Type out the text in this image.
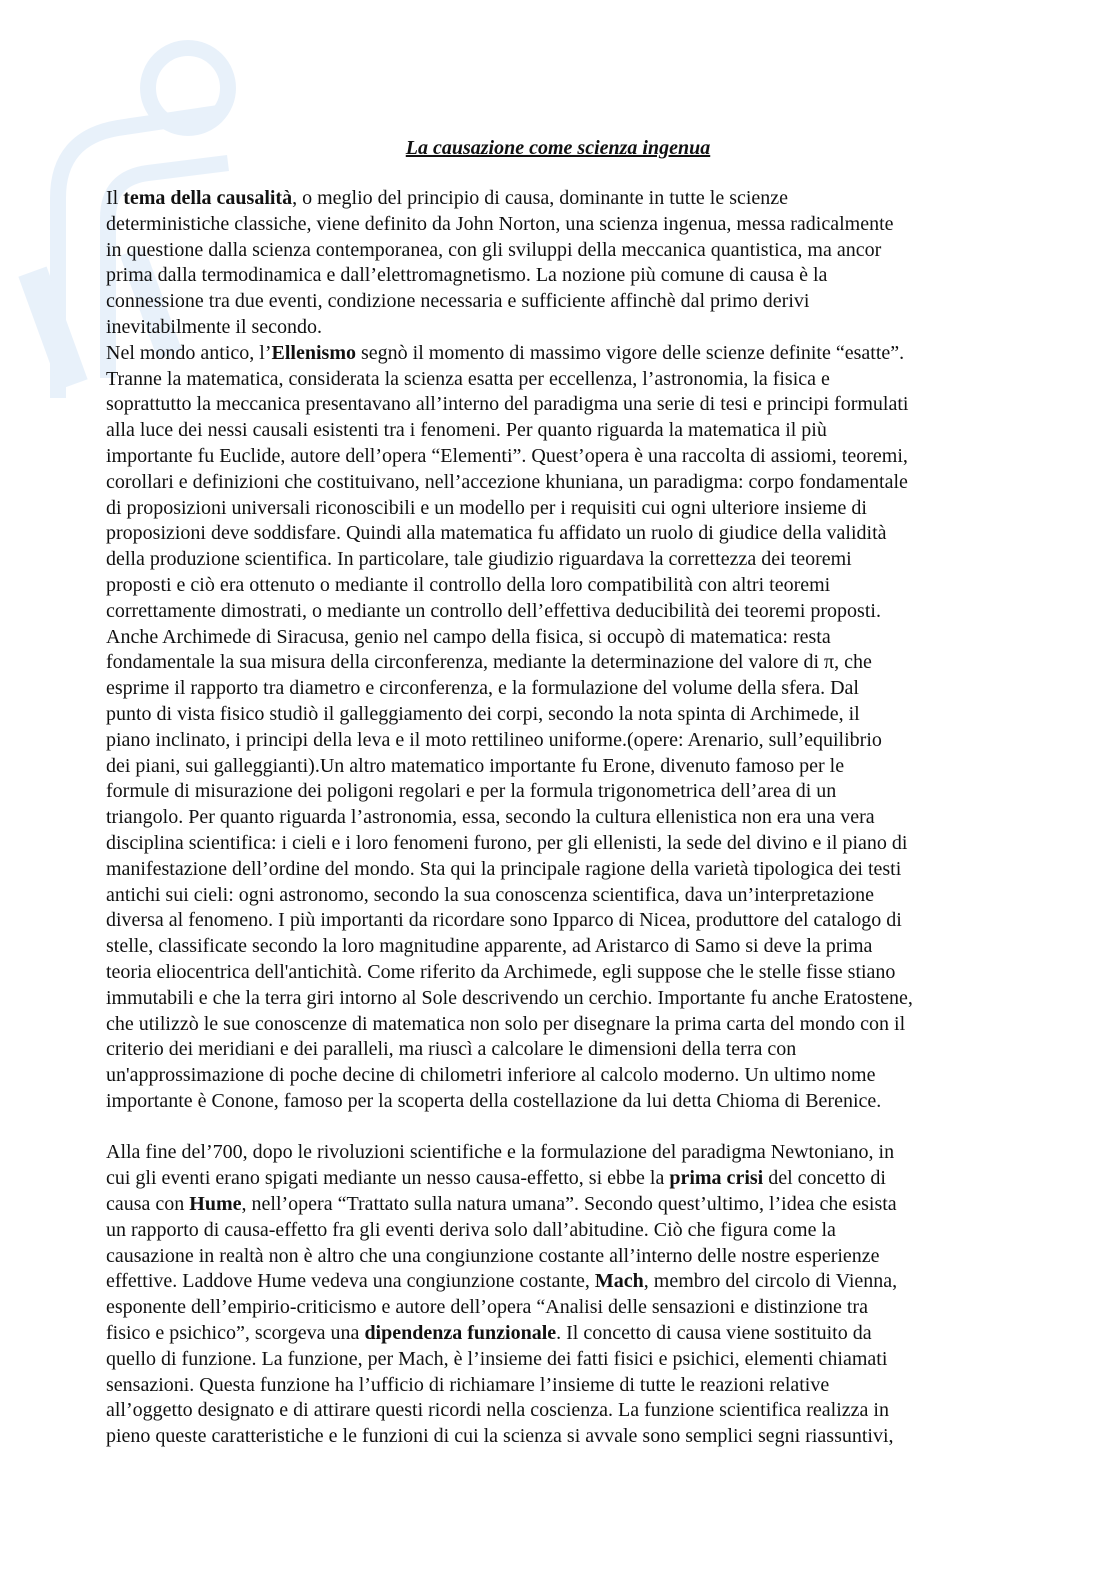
La causazione come scienza ingenua
Il tema della causalità, o meglio del principio di causa, dominante in tutte le scienze
deterministiche classiche, viene definito da John Norton, una scienza ingenua, messa radicalmente
in questione dalla scienza contemporanea, con gli sviluppi della meccanica quantistica, ma ancor
prima dalla termodinamica e dall’elettromagnetismo. La nozione più comune di causa è la
connessione tra due eventi, condizione necessaria e sufficiente affinchè dal primo derivi
inevitabilmente il secondo.
Nel mondo antico, l’Ellenismo segnò il momento di massimo vigore delle scienze definite “esatte”.
Tranne la matematica, considerata la scienza esatta per eccellenza, l’astronomia, la fisica e
soprattutto la meccanica presentavano all’interno del paradigma una serie di tesi e principi formulati
alla luce dei nessi causali esistenti tra i fenomeni. Per quanto riguarda la matematica il più
importante fu Euclide, autore dell’opera “Elementi”. Quest’opera è una raccolta di assiomi, teoremi,
corollari e definizioni che costituivano, nell’accezione khuniana, un paradigma: corpo fondamentale
di proposizioni universali riconoscibili e un modello per i requisiti cui ogni ulteriore insieme di
proposizioni deve soddisfare. Quindi alla matematica fu affidato un ruolo di giudice della validità
della produzione scientifica. In particolare, tale giudizio riguardava la correttezza dei teoremi
proposti e ciò era ottenuto o mediante il controllo della loro compatibilità con altri teoremi
correttamente dimostrati, o mediante un controllo dell’effettiva deducibilità dei teoremi proposti.
Anche Archimede di Siracusa, genio nel campo della fisica, si occupò di matematica: resta
fondamentale la sua misura della circonferenza, mediante la determinazione del valore di π, che
esprime il rapporto tra diametro e circonferenza, e la formulazione del volume della sfera. Dal
punto di vista fisico studiò il galleggiamento dei corpi, secondo la nota spinta di Archimede, il
piano inclinato, i principi della leva e il moto rettilineo uniforme.(opere: Arenario, sull’equilibrio
dei piani, sui galleggianti).Un altro matematico importante fu Erone, divenuto famoso per le
formule di misurazione dei poligoni regolari e per la formula trigonometrica dell’area di un
triangolo. Per quanto riguarda l’astronomia, essa, secondo la cultura ellenistica non era una vera
disciplina scientifica: i cieli e i loro fenomeni furono, per gli ellenisti, la sede del divino e il piano di
manifestazione dell’ordine del mondo. Sta qui la principale ragione della varietà tipologica dei testi
antichi sui cieli: ogni astronomo, secondo la sua conoscenza scientifica, dava un’interpretazione
diversa al fenomeno. I più importanti da ricordare sono Ipparco di Nicea, produttore del catalogo di
stelle, classificate secondo la loro magnitudine apparente, ad Aristarco di Samo si deve la prima
teoria eliocentrica dell'antichità. Come riferito da Archimede, egli suppose che le stelle fisse stiano
immutabili e che la terra giri intorno al Sole descrivendo un cerchio. Importante fu anche Eratostene,
che utilizzò le sue conoscenze di matematica non solo per disegnare la prima carta del mondo con il
criterio dei meridiani e dei paralleli, ma riuscì a calcolare le dimensioni della terra con
un'approssimazione di poche decine di chilometri inferiore al calcolo moderno. Un ultimo nome
importante è Conone, famoso per la scoperta della costellazione da lui detta Chioma di Berenice.
Alla fine del’700, dopo le rivoluzioni scientifiche e la formulazione del paradigma Newtoniano, in
cui gli eventi erano spigati mediante un nesso causa-effetto, si ebbe la prima crisi del concetto di
causa con Hume, nell’opera “Trattato sulla natura umana”. Secondo quest’ultimo, l’idea che esista
un rapporto di causa-effetto fra gli eventi deriva solo dall’abitudine. Ciò che figura come la
causazione in realtà non è altro che una congiunzione costante all’interno delle nostre esperienze
effettive. Laddove Hume vedeva una congiunzione costante, Mach, membro del circolo di Vienna,
esponente dell’empirio-criticismo e autore dell’opera “Analisi delle sensazioni e distinzione tra
fisico e psichico”, scorgeva una dipendenza funzionale. Il concetto di causa viene sostituito da
quello di funzione. La funzione, per Mach, è l’insieme dei fatti fisici e psichici, elementi chiamati
sensazioni. Questa funzione ha l’ufficio di richiamare l’insieme di tutte le reazioni relative
all’oggetto designato e di attirare questi ricordi nella coscienza. La funzione scientifica realizza in
pieno queste caratteristiche e le funzioni di cui la scienza si avvale sono semplici segni riassuntivi,
